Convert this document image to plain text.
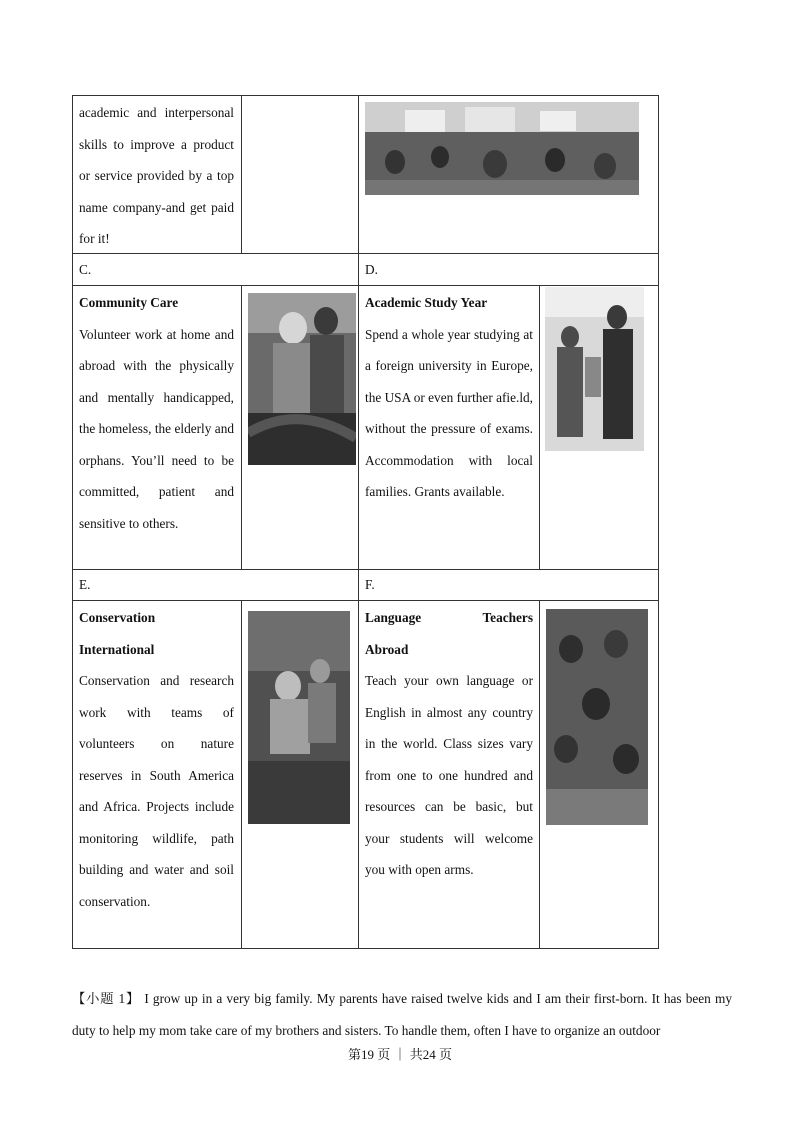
academic and interpersonal skills to improve a product or service provided by a top name company-and get paid for it!
C.	D.
E.	F.
Community Care
Volunteer work at home and abroad with the physically and mentally handicapped, the homeless, the elderly and orphans. You’ll need to be committed, patient and sensitive to others.
Academic Study Year
Spend a whole year studying at a foreign university in Europe, the USA or even further afie.ld, without the pressure of exams. Accommodation with local families. Grants available.
Conservation
International
Conservation and research work with teams of volunteers on nature reserves in South America and Africa. Projects include monitoring wildlife, path building and water and soil conservation.
Language Teachers
Abroad
Teach your own language or English in almost any country in the world. Class sizes vary from one to one hundred and resources can be basic, but your students will welcome you with open arms.
【小题 1】 I grow up in a very big family. My parents have raised twelve kids and I am their first-born. It has been my duty to help my mom take care of my brothers and sisters. To handle them, often I have to organize an outdoor
第19 页 ｜ 共24 页
